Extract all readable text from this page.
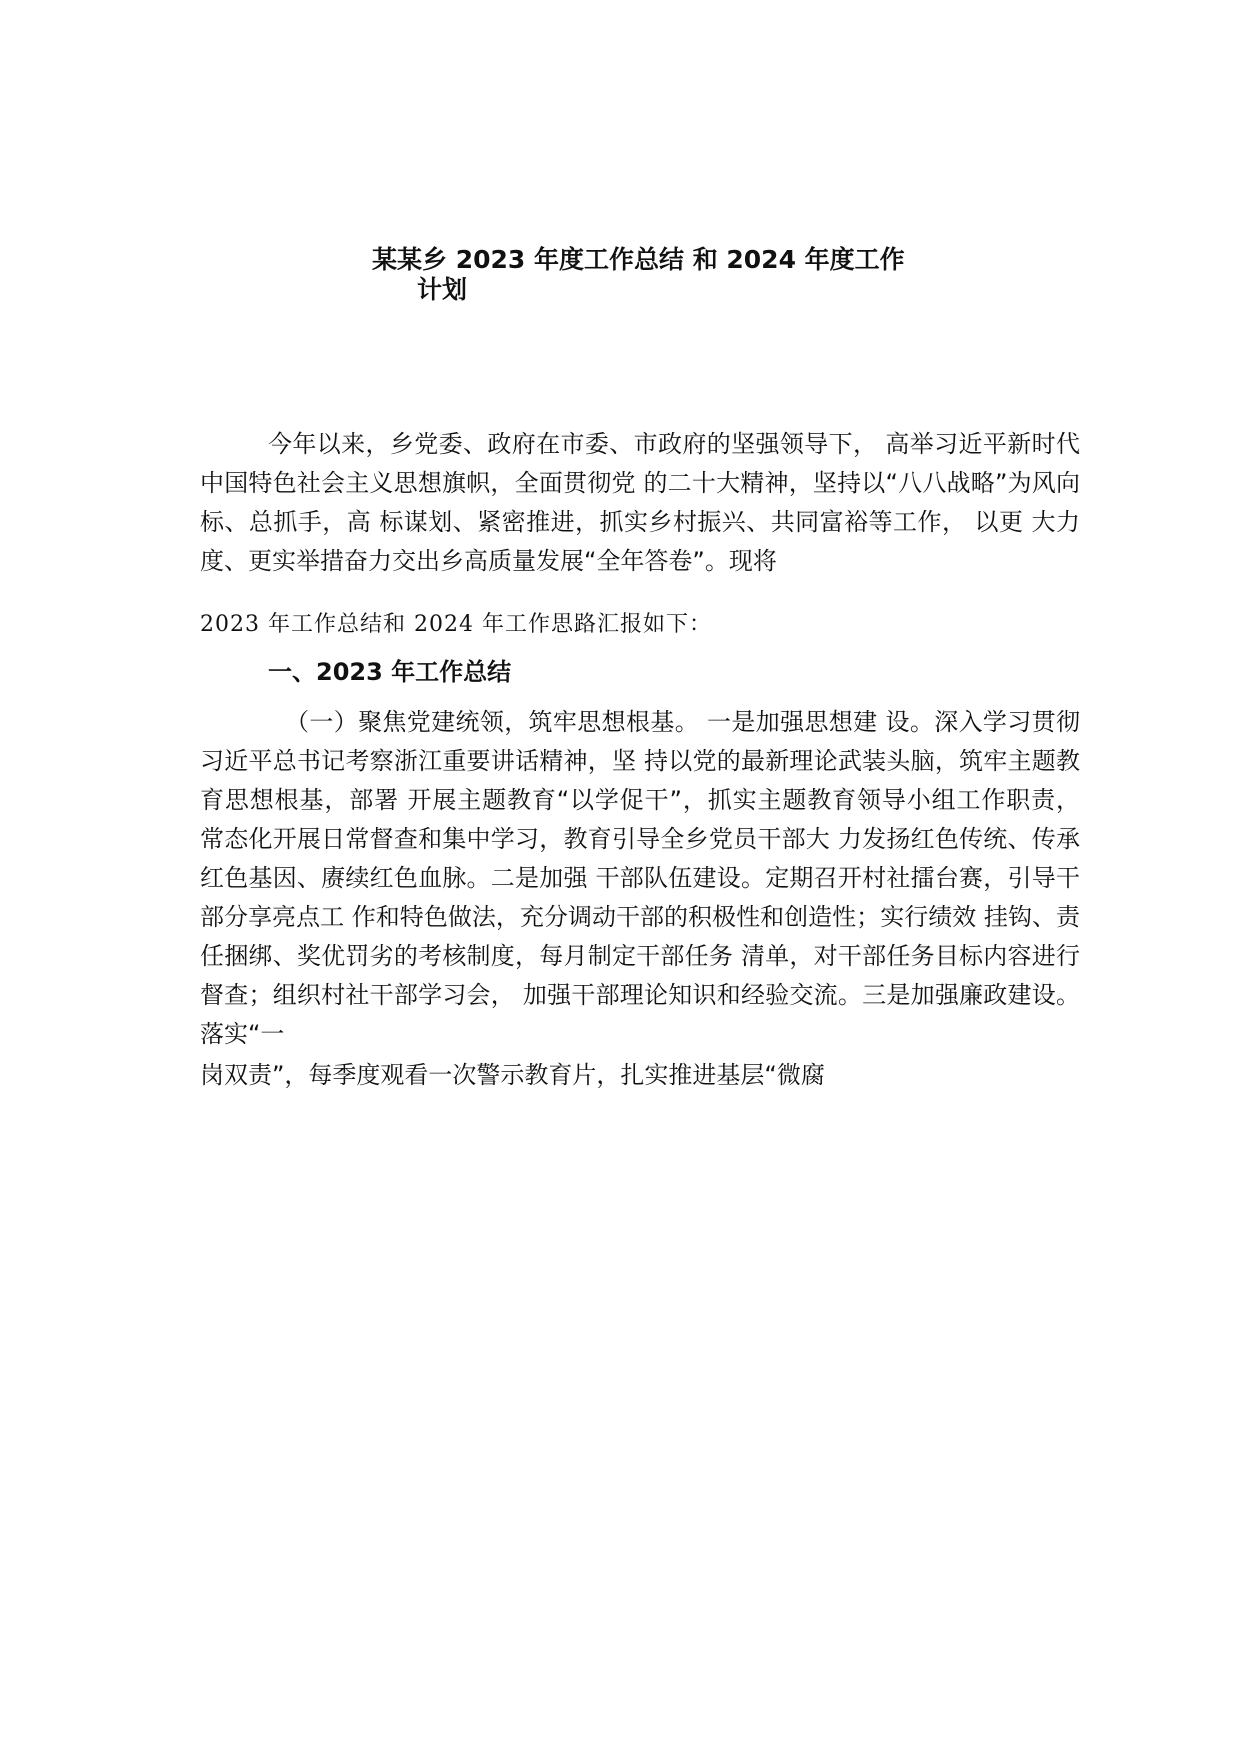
某某乡 2023 年度工作总结 和 2024 年度工作
计划
今年以来，乡党委、政府在市委、市政府的坚强领导下， 高举习近平新时代中国特色社会主义思想旗帜，全面贯彻党 的二十大精神，坚持以“八八战略”为风向标、总抓手，高 标谋划、紧密推进，抓实乡村振兴、共同富裕等工作， 以更 大力度、更实举措奋力交出乡高质量发展“全年答卷”。现将
2023 年工作总结和 2024 年工作思路汇报如下：
一、2023 年工作总结
（一）聚焦党建统领，筑牢思想根基。 一是加强思想建 设。深入学习贯彻习近平总书记考察浙江重要讲话精神，坚 持以党的最新理论武装头脑，筑牢主题教育思想根基，部署 开展主题教育“以学促干”，抓实主题教育领导小组工作职责， 常态化开展日常督查和集中学习，教育引导全乡党员干部大 力发扬红色传统、传承红色基因、赓续红色血脉。二是加强 干部队伍建设。定期召开村社擂台赛，引导干部分享亮点工 作和特色做法，充分调动干部的积极性和创造性；实行绩效 挂钩、责任捆绑、奖优罚劣的考核制度，每月制定干部任务 清单，对干部任务目标内容进行督查；组织村社干部学习会， 加强干部理论知识和经验交流。三是加强廉政建设。落实“一
岗双责”，每季度观看一次警示教育片，扎实推进基层“微腐
